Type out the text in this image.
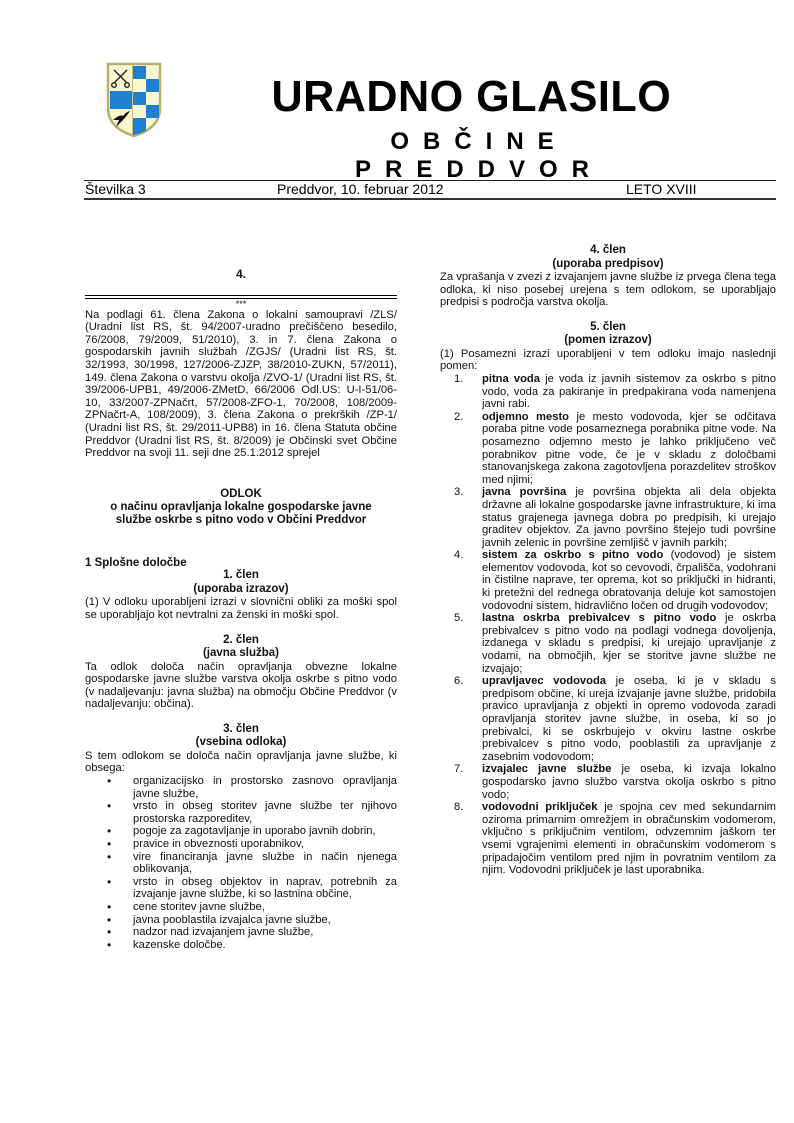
URADNO GLASILO
OBČINE PREDDVOR
Številka 3	Preddvor, 10. februar 2012	LETO XVIII
4.
***
Na podlagi 61. člena Zakona o lokalni samoupravi /ZLS/ (Uradni list RS, št. 94/2007-uradno prečiščeno besedilo, 76/2008, 79/2009, 51/2010), 3. in 7. člena Zakona o gospodarskih javnih službah /ZGJS/ (Uradni list RS, št. 32/1993, 30/1998, 127/2006-ZJZP, 38/2010-ZUKN, 57/2011), 149. člena Zakona o varstvu okolja /ZVO-1/ (Uradni list RS, št. 39/2006-UPB1, 49/2006-ZMetD, 66/2006 Odl.US: U-I-51/06-10, 33/2007-ZPNačrt, 57/2008-ZFO-1, 70/2008, 108/2009-ZPNačrt-A, 108/2009), 3. člena Zakona o prekrških /ZP-1/ (Uradni list RS, št. 29/2011-UPB8) in 16. člena Statuta občine Preddvor (Uradni list RS, št. 8/2009) je Občinski svet Občine Preddvor na svoji 11. seji dne 25.1.2012 sprejel
ODLOK
o načinu opravljanja lokalne gospodarske javne
službe oskrbe s pitno vodo v Občini Preddvor
1 Splošne določbe
1. člen
(uporaba izrazov)
(1) V odloku uporabljeni izrazi v slovnični obliki za moški spol se uporabljajo kot nevtralni za ženski in moški spol.
2. člen
(javna služba)
Ta odlok določa način opravljanja obvezne lokalne gospodarske javne službe varstva okolja oskrbe s pitno vodo (v nadaljevanju: javna služba) na območju Občine Preddvor (v nadaljevanju: občina).
3. člen
(vsebina odloka)
S tem odlokom se določa način opravljanja javne službe, ki obsega:
• organizacijsko in prostorsko zasnovo opravljanja javne službe,
• vrsto in obseg storitev javne službe ter njihovo prostorska razporeditev,
• pogoje za zagotavljanje in uporabo javnih dobrin,
• pravice in obveznosti uporabnikov,
• vire financiranja javne službe in način njenega oblikovanja,
• vrsto in obseg objektov in naprav, potrebnih za izvajanje javne službe, ki so lastnina občine,
• cene storitev javne službe,
• javna pooblastila izvajalca javne službe,
• nadzor nad izvajanjem javne službe,
• kazenske določbe.
4. člen
(uporaba predpisov)
Za vprašanja v zvezi z izvajanjem javne službe iz prvega člena tega odloka, ki niso posebej urejena s tem odlokom, se uporabljajo predpisi s področja varstva okolja.
5. člen
(pomen izrazov)
(1) Posamezni izrazi uporabljeni v tem odloku imajo naslednji pomen:
1. pitna voda je voda iz javnih sistemov za oskrbo s pitno vodo, voda za pakiranje in predpakirana voda namenjena javni rabi.
2. odjemno mesto je mesto vodovoda, kjer se odčitava poraba pitne vode posameznega porabnika pitne vode. Na posamezno odjemno mesto je lahko priključeno več porabnikov pitne vode, če je v skladu z določbami stanovanjskega zakona zagotovljena porazdelitev stroškov med njimi;
3. javna površina je površina objekta ali dela objekta državne ali lokalne gospodarske javne infrastrukture, ki ima status grajenega javnega dobra po predpisih, ki urejajo graditev objektov. Za javno površino štejejo tudi površine javnih zelenic in površine zemljišč v javnih parkih;
4. sistem za oskrbo s pitno vodo (vodovod) je sistem elementov vodovoda, kot so cevovodi, črpališča, vodohrani in čistilne naprave, ter oprema, kot so priključki in hidranti, ki pretežni del rednega obratovanja deluje kot samostojen vodovodni sistem, hidravlično ločen od drugih vodovodov;
5. lastna oskrba prebivalcev s pitno vodo je oskrba prebivalcev s pitno vodo na podlagi vodnega dovoljenja, izdanega v skladu s predpisi, ki urejajo upravljanje z vodami, na območjih, kjer se storitve javne službe ne izvajajo;
6. upravljavec vodovoda je oseba, ki je v skladu s predpisom občine, ki ureja izvajanje javne službe, pridobila pravico upravljanja z objekti in opremo vodovoda zaradi opravljanja storitev javne službe, in oseba, ki so jo prebivalci, ki se oskrbujejo v okviru lastne oskrbe prebivalcev s pitno vodo, pooblastili za upravljanje z zasebnim vodovodom;
7. izvajalec javne službe je oseba, ki izvaja lokalno gospodarsko javno službo varstva okolja oskrbo s pitno vodo;
8. vodovodni priključek je spojna cev med sekundarnim oziroma primarnim omrežjem in obračunskim vodomerom, vključno s priključnim ventilom, odvzemnim jaškom ter vsemi vgrajenimi elementi in obračunskim vodomerom s pripadajočim ventilom pred njim in povratnim ventilom za njim. Vodovodni priključek je last uporabnika.
